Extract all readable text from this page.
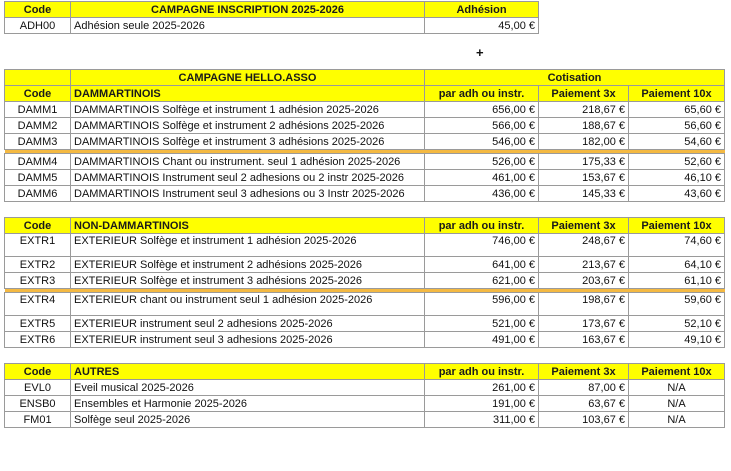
Code	CAMPAGNE INSCRIPTION 2025-2026	Adhésion
ADH00	Adhésion seule 2025-2026	45,00 €
+
	CAMPAGNE HELLO.ASSO	Cotisation		
Code	DAMMARTINOIS	par adh ou instr.	Paiement 3x	Paiement 10x
DAMM1	DAMMARTINOIS Solfège et instrument 1 adhésion 2025-2026	656,00 €	218,67 €	65,60 €
DAMM2	DAMMARTINOIS Solfège et instrument 2 adhésions 2025-2026	566,00 €	188,67 €	56,60 €
DAMM3	DAMMARTINOIS Solfège et instrument 3 adhésions 2025-2026	546,00 €	182,00 €	54,60 €

DAMM4	DAMMARTINOIS Chant ou instrument. seul 1 adhésion 2025-2026	526,00 €	175,33 €	52,60 €
DAMM5	DAMMARTINOIS Instrument seul 2 adhesions ou 2 instr 2025-2026	461,00 €	153,67 €	46,10 €
DAMM6	DAMMARTINOIS Instrument seul 3 adhesions ou 3 Instr 2025-2026	436,00 €	145,33 €	43,60 €

Code	NON-DAMMARTINOIS	par adh ou instr.	Paiement 3x	Paiement 10x
EXTR1	EXTERIEUR Solfège et instrument 1 adhésion 2025-2026	746,00 €	248,67 €	74,60 €
EXTR2	EXTERIEUR Solfège et instrument 2 adhésions 2025-2026	641,00 €	213,67 €	64,10 €
EXTR3	EXTERIEUR Solfège et instrument 3 adhésions 2025-2026	621,00 €	203,67 €	61,10 €

EXTR4	EXTERIEUR chant ou instrument seul 1 adhésion 2025-2026	596,00 €	198,67 €	59,60 €
EXTR5	EXTERIEUR instrument seul 2 adhesions 2025-2026	521,00 €	173,67 €	52,10 €
EXTR6	EXTERIEUR instrument seul 3 adhesions 2025-2026	491,00 €	163,67 €	49,10 €

Code	AUTRES	par adh ou instr.	Paiement 3x	Paiement 10x
EVL0	Eveil musical 2025-2026	261,00 €	87,00 €	N/A
ENSB0	Ensembles et Harmonie 2025-2026	191,00 €	63,67 €	N/A
FM01	Solfège seul 2025-2026	311,00 €	103,67 €	N/A
